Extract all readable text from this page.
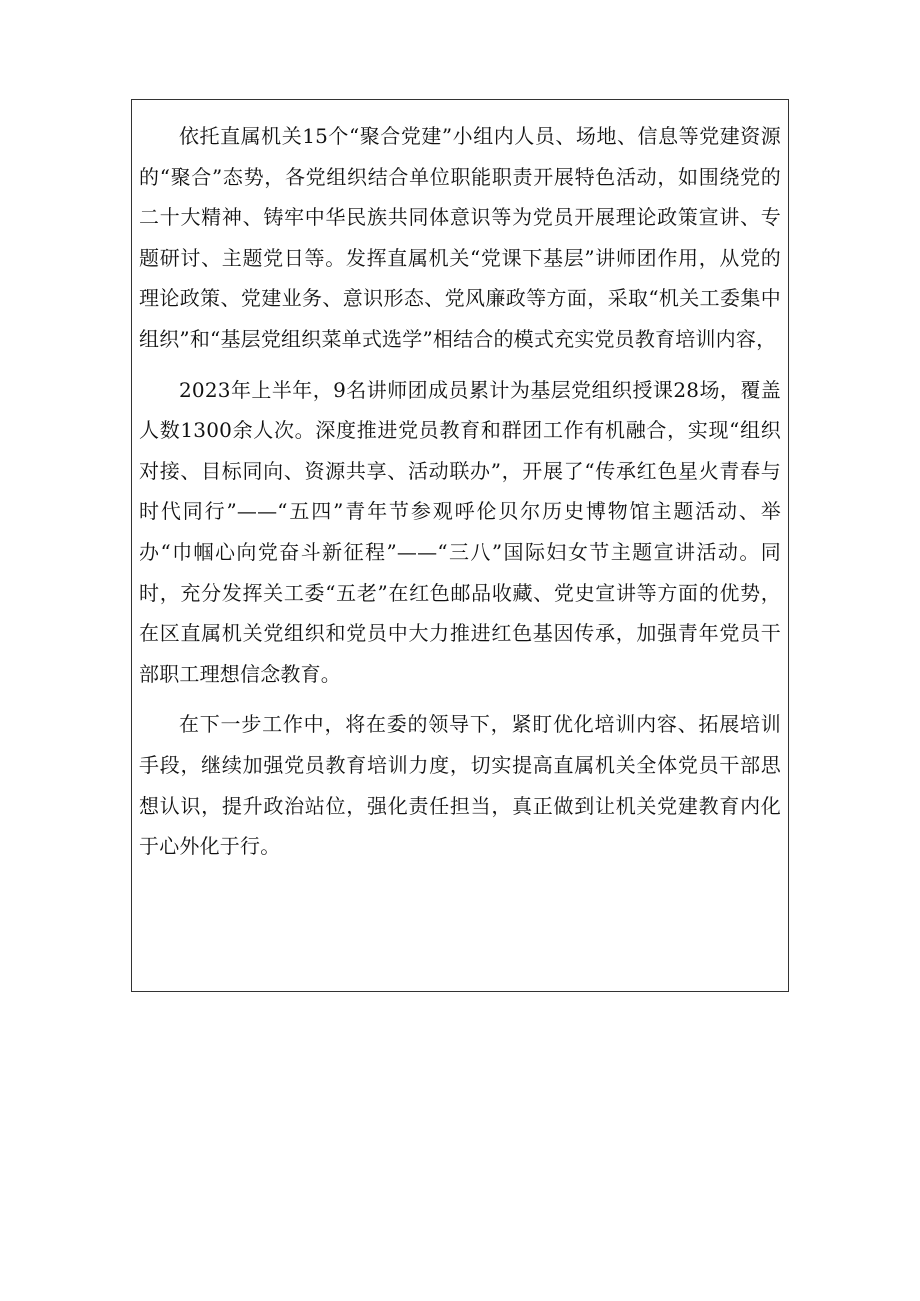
依托直属机关15个“聚合党建”小组内人员、场地、信息等党建资源的“聚合”态势，各党组织结合单位职能职责开展特色活动，如围绕党的二十大精神、铸牢中华民族共同体意识等为党员开展理论政策宣讲、专题研讨、主题党日等。发挥直属机关“党课下基层”讲师团作用，从党的理论政策、党建业务、意识形态、党风廉政等方面，采取“机关工委集中组织”和“基层党组织菜单式选学”相结合的模式充实党员教育培训内容，

2023年上半年，9名讲师团成员累计为基层党组织授课28场，覆盖人数1300余人次。深度推进党员教育和群团工作有机融合，实现“组织对接、目标同向、资源共享、活动联办”，开展了“传承红色星火青春与时代同行”——“五四”青年节参观呼伦贝尔历史博物馆主题活动、举办“巾帼心向党奋斗新征程”——“三八”国际妇女节主题宣讲活动。同时，充分发挥关工委“五老”在红色邮品收藏、党史宣讲等方面的优势，在区直属机关党组织和党员中大力推进红色基因传承，加强青年党员干部职工理想信念教育。

在下一步工作中，将在委的领导下，紧盯优化培训内容、拓展培训手段，继续加强党员教育培训力度，切实提高直属机关全体党员干部思想认识，提升政治站位，强化责任担当，真正做到让机关党建教育内化于心外化于行。
